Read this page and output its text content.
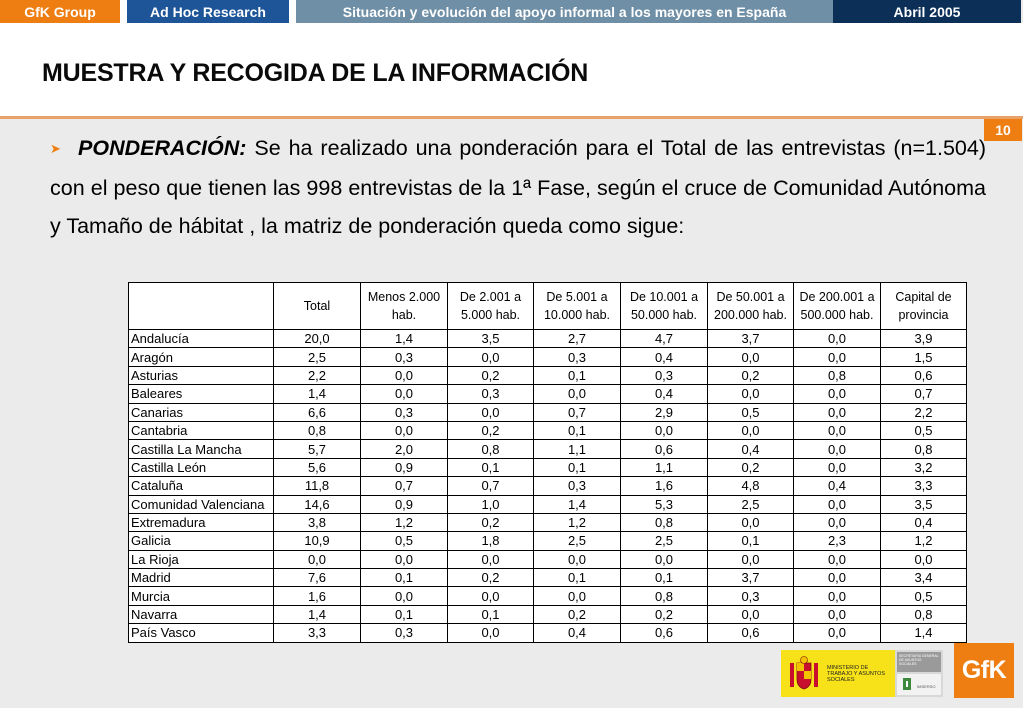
GfK Group	Ad Hoc Research	Situación y evolución del apoyo informal a los mayores en España	Abril 2005
MUESTRA Y RECOGIDA DE LA INFORMACIÓN
10

➤ PONDERACIÓN: Se ha realizado una ponderación para el Total de las entrevistas (n=1.504) con el peso que tienen las 998 entrevistas de la 1ª Fase, según el cruce de Comunidad Autónoma y Tamaño de hábitat , la matriz de ponderación queda como sigue:

	Total	Menos 2.000 hab.	De 2.001 a 5.000 hab.	De 5.001 a 10.000 hab.	De 10.001 a 50.000 hab.	De 50.001 a 200.000 hab.	De 200.001 a 500.000 hab.	Capital de provincia
Andalucía	20,0	1,4	3,5	2,7	4,7	3,7	0,0	3,9
Aragón	2,5	0,3	0,0	0,3	0,4	0,0	0,0	1,5
Asturias	2,2	0,0	0,2	0,1	0,3	0,2	0,8	0,6
Baleares	1,4	0,0	0,3	0,0	0,4	0,0	0,0	0,7
Canarias	6,6	0,3	0,0	0,7	2,9	0,5	0,0	2,2
Cantabria	0,8	0,0	0,2	0,1	0,0	0,0	0,0	0,5
Castilla La Mancha	5,7	2,0	0,8	1,1	0,6	0,4	0,0	0,8
Castilla León	5,6	0,9	0,1	0,1	1,1	0,2	0,0	3,2
Cataluña	11,8	0,7	0,7	0,3	1,6	4,8	0,4	3,3
Comunidad Valenciana	14,6	0,9	1,0	1,4	5,3	2,5	0,0	3,5
Extremadura	3,8	1,2	0,2	1,2	0,8	0,0	0,0	0,4
Galicia	10,9	0,5	1,8	2,5	2,5	0,1	2,3	1,2
La Rioja	0,0	0,0	0,0	0,0	0,0	0,0	0,0	0,0
Madrid	7,6	0,1	0,2	0,1	0,1	3,7	0,0	3,4
Murcia	1,6	0,0	0,0	0,0	0,8	0,3	0,0	0,5
Navarra	1,4	0,1	0,1	0,2	0,2	0,0	0,0	0,8
País Vasco	3,3	0,3	0,0	0,4	0,6	0,6	0,0	1,4
MINISTERIO DE TRABAJO Y ASUNTOS SOCIALES
SECRETARÍA GENERAL DE ASUNTOS SOCIALES
IMSERSO
GfK
